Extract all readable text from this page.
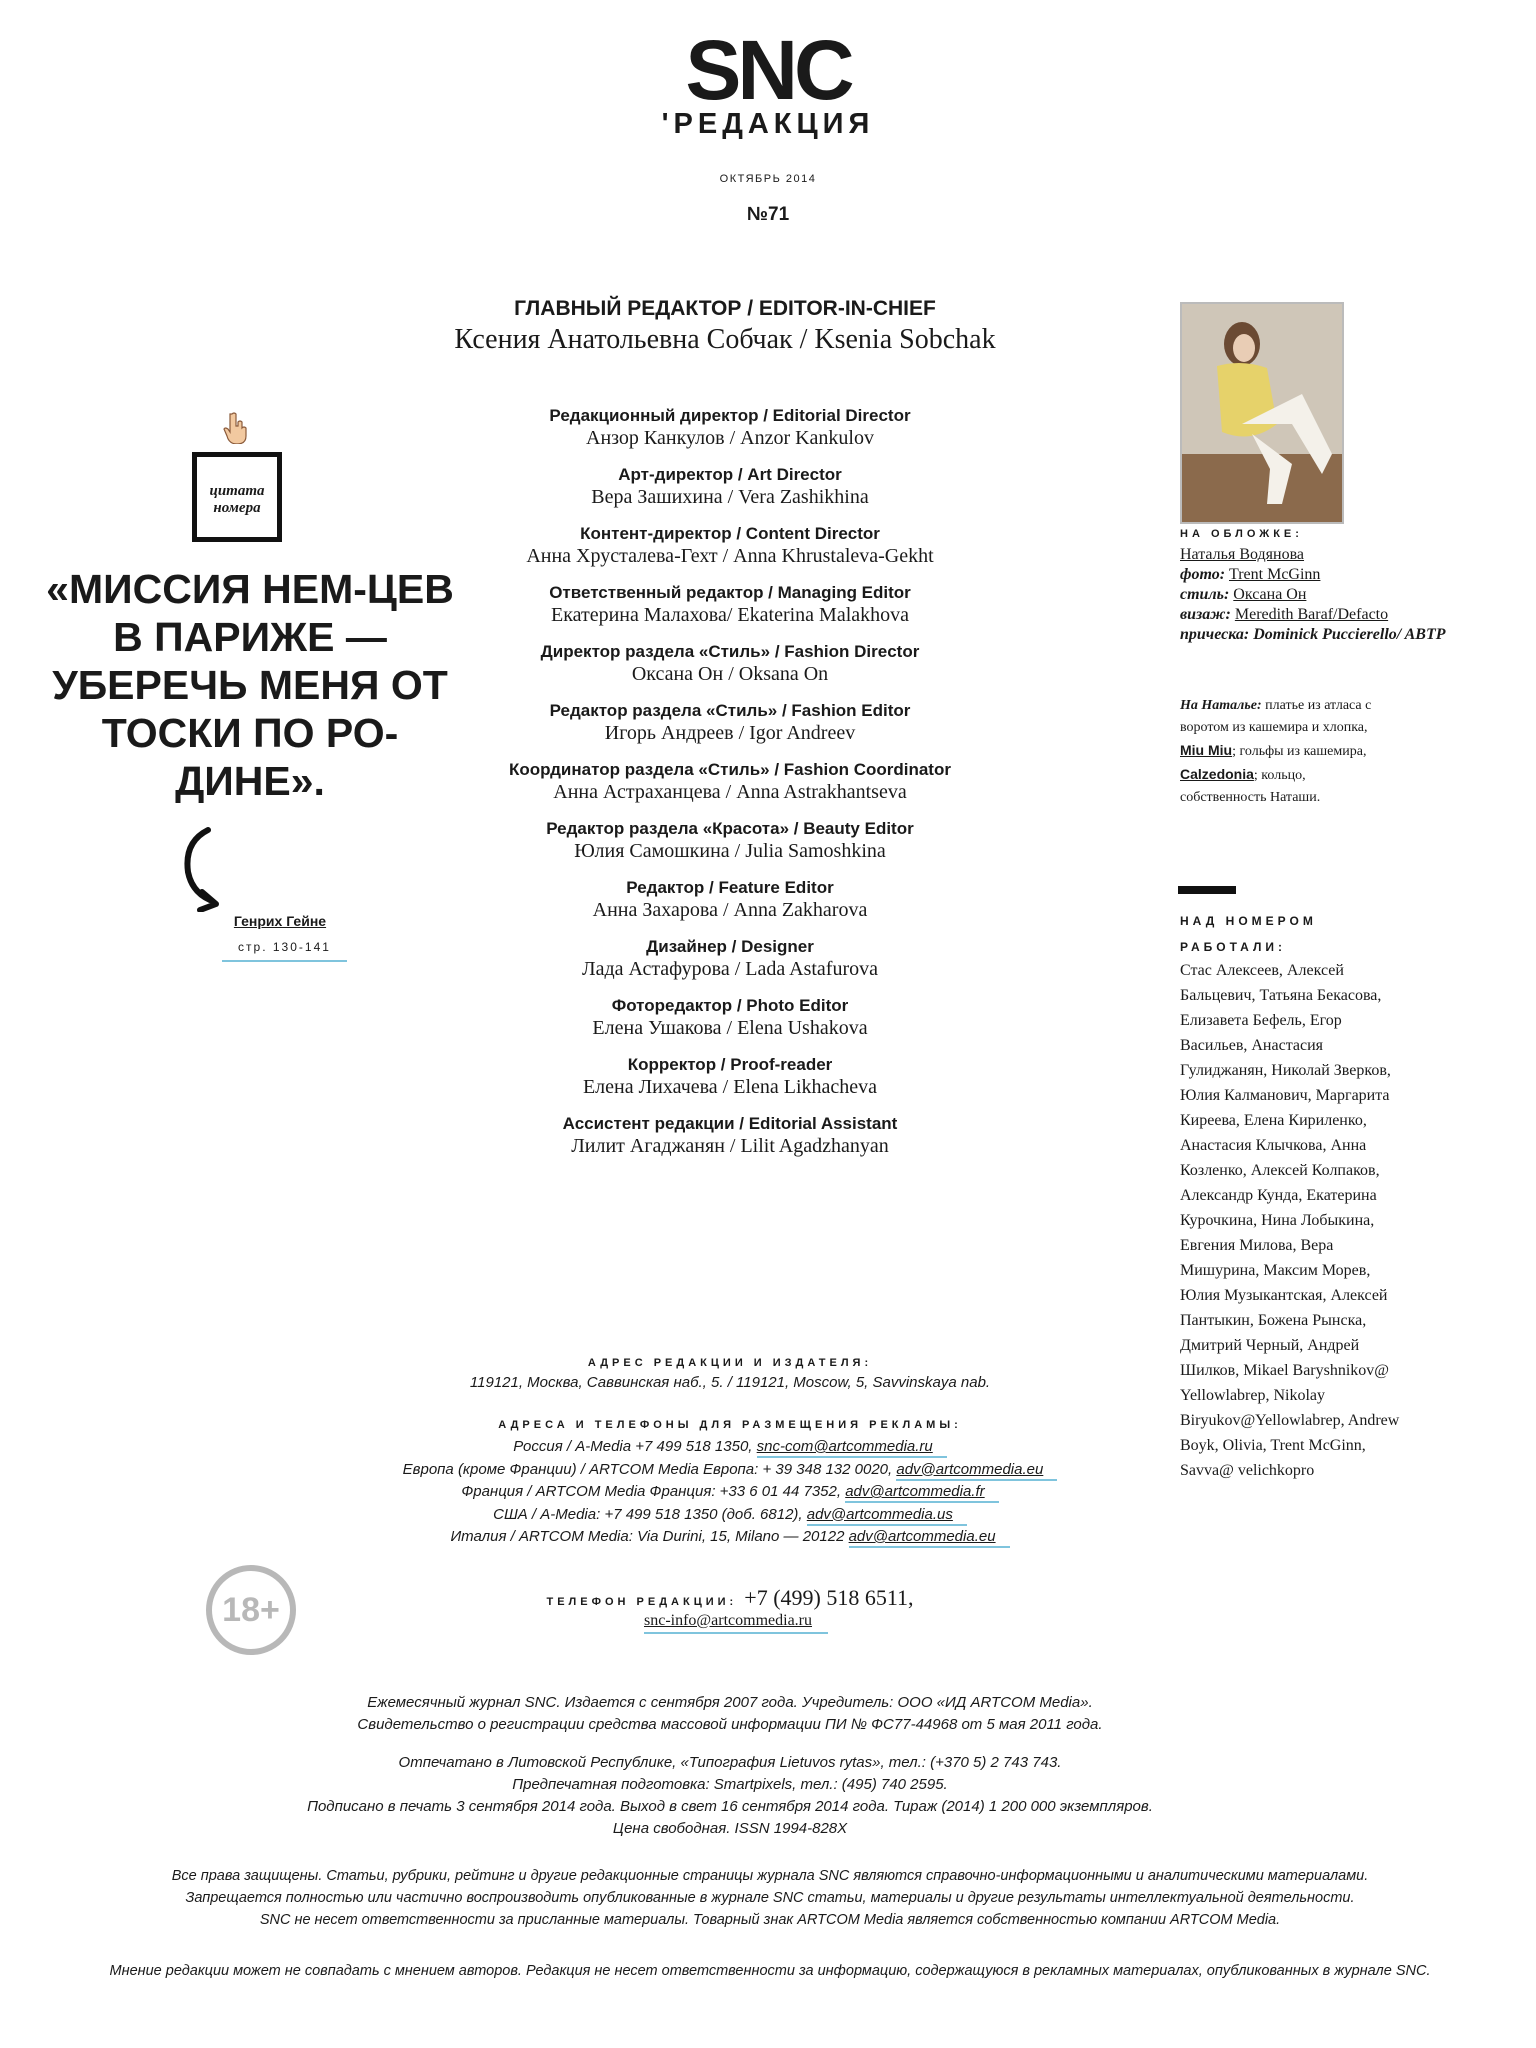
SNC
'РЕДАКЦИЯ
ОКТЯБРЬ 2014
№71
ГЛАВНЫЙ РЕДАКТОР / EDITOR-IN-CHIEF
Ксения Анатольевна Собчак / Ksenia Sobchak
Редакционный директор / Editorial Director
Анзор Канкулов / Anzor Kankulov
Арт-директор / Art Director
Вера Зашихина / Vera Zashikhina
Контент-директор / Content Director
Анна Хрусталева-Гехт / Anna Khrustaleva-Gekht
Ответственный редактор / Managing Editor
Екатерина Малахова/ Ekaterina Malakhova
Директор раздела «Стиль» / Fashion Director
Оксана Он / Oksana On
Редактор раздела «Стиль» / Fashion Editor
Игорь Андреев / Igor Andreev
Координатор раздела «Стиль» / Fashion Coordinator
Анна Астраханцева / Anna Astrakhantseva
Редактор раздела «Красота» / Beauty Editor
Юлия Самошкина / Julia Samoshkina
Редактор / Feature Editor
Анна Захарова / Anna Zakharova
Дизайнер / Designer
Лада Астафурова / Lada Astafurova
Фоторедактор / Photo Editor
Елена Ушакова / Elena Ushakova
Корректор / Proof-reader
Елена Лихачева / Elena Likhacheva
Ассистент редакции / Editorial Assistant
Лилит Агаджанян / Lilit Agadzhanyan
цитата
номера
«МИССИЯ НЕМ-ЦЕВ В ПАРИЖЕ — УБЕРЕЧЬ МЕНЯ ОТ ТОСКИ ПО РО-ДИНЕ».
Генрих Гейне
стр. 130-141
НА ОБЛОЖКЕ:
Наталья Водянова
фото: Trent McGinn
стиль: Оксана Он
визаж: Meredith Baraf/Defacto
прическа: Dominick Puccierello/ ABTP
На Наталье: платье из атласа с воротом из кашемира и хлопка,
Miu Miu; гольфы из кашемира, Calzedonia; кольцо, собственность Наташи.
НАД НОМЕРОМ РАБОТАЛИ:
Стас Алексеев, Алексей Бальцевич, Татьяна Бекасова, Елизавета Бефель, Егор Васильев, Анастасия Гулиджанян, Николай Зверков, Юлия Калманович, Маргарита Киреева, Елена Кириленко, Анастасия Клычкова, Анна Козленко, Алексей Колпаков, Александр Кунда, Екатерина Курочкина, Нина Лобыкина, Евгения Милова, Вера Мишурина, Максим Морев, Юлия Музыкантская, Алексей Пантыкин, Божена Рынска, Дмитрий Черный, Андрей Шилков, Mikael Baryshnikov@ Yellowlabrep, Nikolay Biryukov@Yellowlabrep, Andrew Boyk, Olivia, Trent McGinn, Savva@ velichkopro
АДРЕС РЕДАКЦИИ И ИЗДАТЕЛЯ:
119121, Москва, Саввинская наб., 5. / 119121, Moscow, 5, Savvinskaya nab.
АДРЕСА И ТЕЛЕФОНЫ ДЛЯ РАЗМЕЩЕНИЯ РЕКЛАМЫ:
Россия / A-Media +7 499 518 1350, snc-com@artcommedia.ru
Европа (кроме Франции) / ARTCOM Media Европа: + 39 348 132 0020, adv@artcommedia.eu
Франция / ARTCOM Media Франция: +33 6 01 44 7352, adv@artcommedia.fr
США / A-Media: +7 499 518 1350 (доб. 6812), adv@artcommedia.us
Италия / ARTCOM Media: Via Durini, 15, Milano — 20122 adv@artcommedia.eu
ТЕЛЕФОН РЕДАКЦИИ: +7 (499) 518 6511,
snc-info@artcommedia.ru
18+
Ежемесячный журнал SNC. Издается с сентября 2007 года. Учредитель: ООО «ИД ARTCOM Media».
Свидетельство о регистрации средства массовой информации ПИ № ФС77-44968 от 5 мая 2011 года.
Отпечатано в Литовской Республике, «Типография Lietuvos rytas», тел.: (+370 5) 2 743 743.
Предпечатная подготовка: Smartpixels, тел.: (495) 740 2595.
Подписано в печать 3 сентября 2014 года. Выход в свет 16 сентября 2014 года. Тираж (2014) 1 200 000 экземпляров.
Цена свободная. ISSN 1994-828X
Все права защищены. Статьи, рубрики, рейтинг и другие редакционные страницы журнала SNC являются справочно-информационными и аналитическими материалами.
Запрещается полностью или частично воспроизводить опубликованные в журнале SNC статьи, материалы и другие результаты интеллектуальной деятельности.
SNC не несет ответственности за присланные материалы. Товарный знак ARTCOM Media является собственностью компании ARTCOM Media.
Мнение редакции может не совпадать с мнением авторов. Редакция не несет ответственности за информацию, содержащуюся в рекламных материалах, опубликованных в журнале SNC.
